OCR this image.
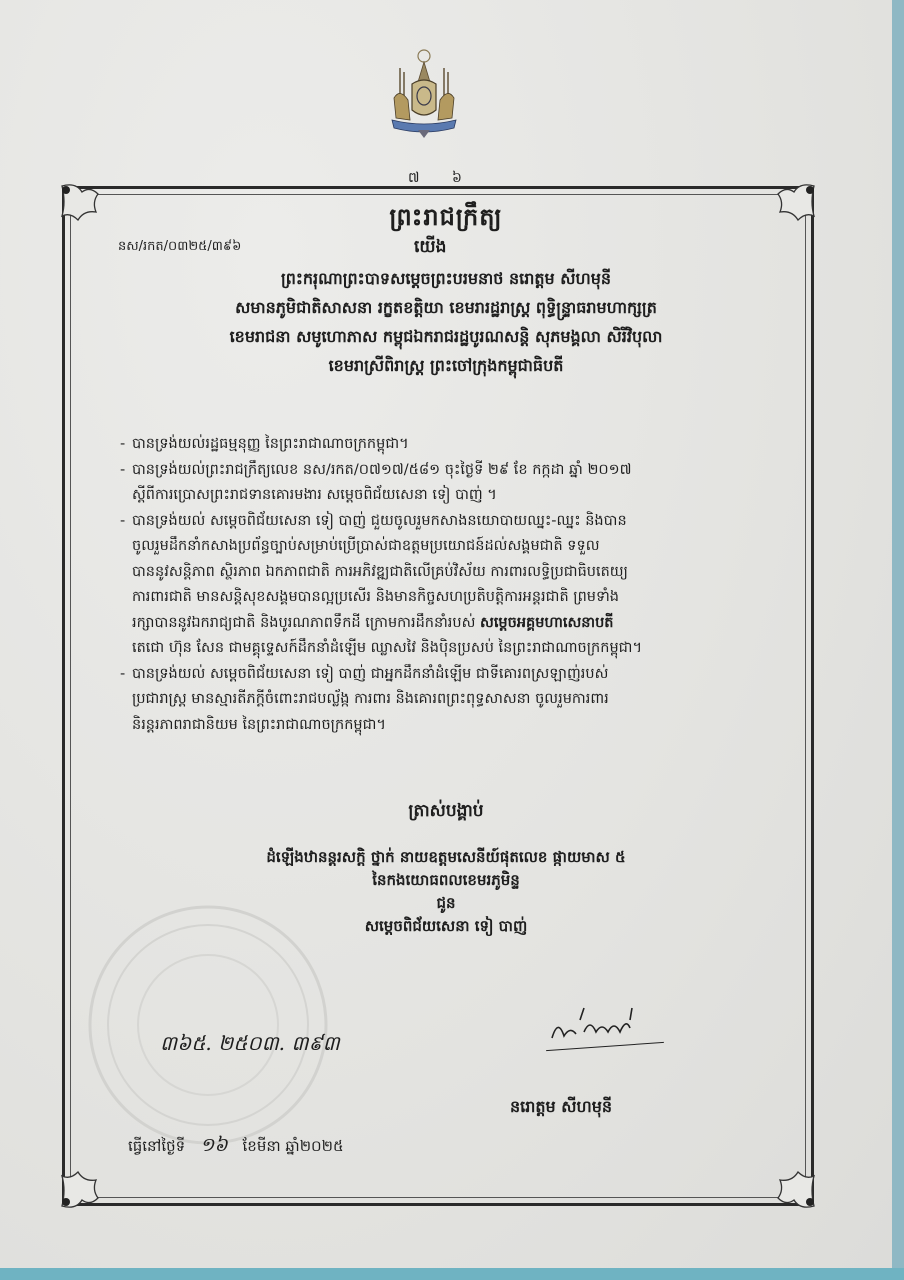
៧ ៦
ព្រះរាជក្រឹត្យ
នស/រកត/០៣២៥/៣៩៦	យើង
ព្រះករុណាព្រះបាទសម្តេចព្រះបរមនាថ នរោត្តម សីហមុនី
សមានភូមិជាតិសាសនា រក្ខតខត្តិយា ខេមរារដ្ឋរាស្ត្រ ពុទ្ធិន្ទ្រាធរាមហាក្សត្រ
ខេមរាជនា សមូហោភាស កម្ពុជឯករាជរដ្ឋបូរណសន្តិ សុភមង្គលា សិរីវិបុលា
ខេមរាស្រីពិរាស្ត្រ ព្រះចៅក្រុងកម្ពុជាធិបតី

- បានទ្រង់យល់រដ្ឋធម្មនុញ្ញ នៃព្រះរាជាណាចក្រកម្ពុជា។

- បានទ្រង់យល់ព្រះរាជក្រឹត្យលេខ នស/រកត/០៧១៧/៥៨១ ចុះថ្ងៃទី ២៩ ខែ កក្កដា ឆ្នាំ ២០១៧

ស្តីពីការប្រោសព្រះរាជទានគោរមងារ សម្តេចពិជ័យសេនា ទៀ បាញ់ ។

- បានទ្រង់យល់ សម្តេចពិជ័យសេនា ទៀ បាញ់ ជួយចូលរួមកសាងនយោបាយឈ្នះ-ឈ្នះ និងបាន

ចូលរួមដឹកនាំកសាងប្រព័ន្ធច្បាប់សម្រាប់ប្រើប្រាស់ជាឧត្តមប្រយោជន៍ដល់សង្គមជាតិ ទទួល

បាននូវសន្តិភាព ស្ថិរភាព ឯកភាពជាតិ ការអភិវឌ្ឍជាតិលើគ្រប់វិស័យ ការពារលទ្ធិប្រជាធិបតេយ្យ

ការពារជាតិ មានសន្តិសុខសង្គមបានល្អប្រសើរ និងមានកិច្ចសហប្រតិបត្តិការអន្តរជាតិ ព្រមទាំង

រក្សាបាននូវឯករាជ្យជាតិ និងបូរណភាពទឹកដី ក្រោមការដឹកនាំរបស់ សម្តេចអគ្គមហាសេនាបតី

តេជោ ហ៊ុន សែន ជាមគ្គុទ្ទេសក៍ដឹកនាំដំឡើម ឈ្លាសវៃ និងប៉ិនប្រសប់ នៃព្រះរាជាណាចក្រកម្ពុជា។

- បានទ្រង់យល់ សម្តេចពិជ័យសេនា ទៀ បាញ់ ជាអ្នកដឹកនាំដំឡើម ជាទីគោរពស្រឡាញ់របស់

ប្រជារាស្ត្រ មានស្មារតីភក្តីចំពោះរាជបល្ល័ង្ក ការពារ និងគោរពព្រះពុទ្ធសាសនា ចូលរួមការពារ

និរន្តរភាពរាជានិយម នៃព្រះរាជាណាចក្រកម្ពុជា។

ត្រាស់បង្គាប់
ដំឡើងឋានន្តរសក្តិ ថ្នាក់ នាយឧត្តមសេនីយ៍ផុតលេខ ផ្កាយមាស ៥
នៃកងយោធពលខេមរភូមិន្ទ
ជូន
សម្តេចពិជ័យសេនា ទៀ បាញ់
៣៦៥. ២៥០៣. ៣៩៣
នរោត្តម សីហមុនី
ធ្វើនៅថ្ងៃទី ១៦ ខែមីនា ឆ្នាំ២០២៥
